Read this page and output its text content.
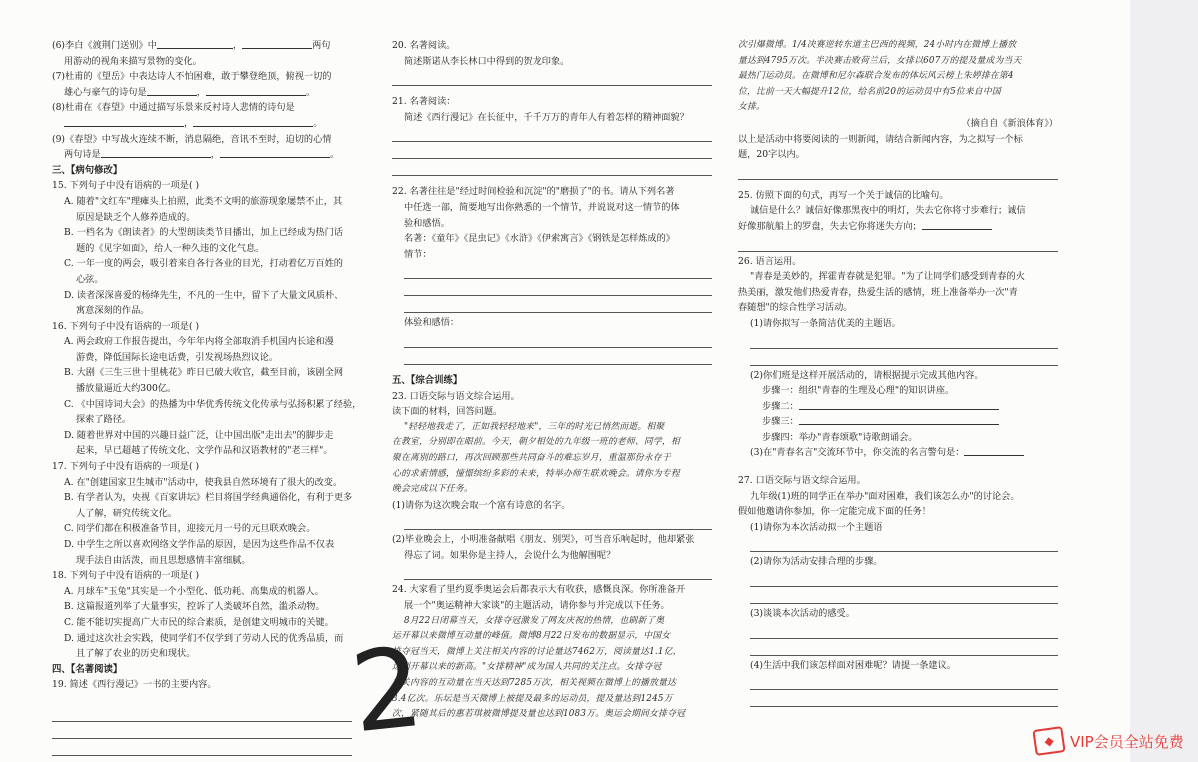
(6)李白《渡荆门送别》中	，	两句

用游动的视角来描写景物的变化。

(7)杜甫的《望岳》中表达诗人不怕困难，敢于攀登绝顶，俯视一切的

雄心与豪气的诗句是	，	。

(8)杜甫在《春望》中通过描写乐景来反衬诗人悲情的诗句是

，	。

(9)《春望》中写战火连续不断，消息隔绝，音讯不至时，迫切的心情

两句诗是	，	。

三、【病句修改】

15. 下列句子中没有语病的一项是( )

A. 随着"文红车"理瘫头上拍照，此类不文明的旅游现象屡禁不止，其

原因是缺乏个人修养造成的。

B. 一档名为《朗读者》的大型朗读类节目播出，加上已经成为热门话

题的《见字如面》，给人一种久违的文化气息。

C. 一年一度的两会，吸引着来自各行各业的目光，打动着亿万百姓的

心弦。

D. 读者深深喜爱的杨绛先生，不凡的一生中，留下了大量文风质朴、

寓意深刻的作品。

16. 下列句子中没有语病的一项是( )

A. 两会政府工作报告提出，今年年内将全部取消手机国内长途和漫

游费，降低国际长途电话费，引发视场热烈议论。

B. 大剧《三生三世十里桃花》昨日已破大收官，截至目前，该剧全网

播放量逼近大约300亿。

C. 《中国诗词大会》的热播为中华优秀传统文化传承与弘扬积累了经验，

探索了路径。

D. 随着世界对中国的兴趣日益广泛，让中国出版"走出去"的脚步走

起来，早已超越了传统文化、文学作品和汉语教材的"老三样"。

17. 下列句子中没有语病的一项是( )

A. 在"创建国家卫生城市"活动中，使我县自然环境有了很大的改变。

B. 有学者认为，央视《百家讲坛》栏目将国学经典通俗化，有利于更多

人了解，研究传统文化。

C. 同学们都在积极准备节目，迎接元月一号的元旦联欢晚会。

D. 中学生之所以喜欢网络文学作品的原因，是因为这些作品不仅表

现手法自由活泼，而且思想感情丰富细腻。

18. 下列句子中没有语病的一项是( )

A. 月球车"玉兔"其实是一个小型化、低功耗、高集成的机器人。

B. 这篇报道列举了大量事实，控诉了人类破坏自然，滥杀动物。

C. 能不能切实提高广大市民的综合素质，是创建文明城市的关键。

D. 通过这次社会实践，使同学们不仅学到了劳动人民的优秀品质，而

且了解了农业的历史和现状。

四、【名著阅读】

19. 简述《西行漫记》一书的主要内容。

20. 名著阅读。

简述斯诺从李长林口中得到的贺龙印象。

21. 名著阅读：

简述《西行漫记》在长征中，千千万万的青年人有着怎样的精神面貌？

22. 名著往往是"经过时间检验和沉淀"的"磨损了"的书。请从下列名著

中任选一部，简要地写出你熟悉的一个情节，并说说对这一情节的体

验和感悟。

名著：《童年》《昆虫记》《水浒》《伊索寓言》《钢铁是怎样炼成的》

情节：

体验和感悟：

五、【综合训练】

23. 口语交际与语文综合运用。

读下面的材料，回答问题。

"轻轻地我走了，正如我轻轻地来"，三年的时光已悄然而逝。相聚

在教室，分别即在眼前。今天，朝夕相处的九年级一班的老师、同学，相

聚在离别的路口，再次回顾那些共同奋斗的难忘岁月，重温那份永存于

心的求索情感，憧憬缤纷多彩的未来，特举办师生联欢晚会。请你为专程

晚会完成以下任务。

(1)请你为这次晚会取一个富有诗意的名字。

(2)毕业晚会上，小明准备献唱《朋友、别哭》，可当音乐响起时，他却紧张

得忘了词。如果你是主持人，会说什么为他解围呢？

24. 大家看了里约夏季奥运会后都表示大有收获，感慨良深。你所准备开

展一个"奥运精神大家谈"的主题活动，请你参与并完成以下任务。

8月22日闭幕当天，女排夺冠激发了网友庆祝的热情，也刷新了奥

运开幕以来微博互动量的峰值。微博8月22日发布的数据显示，中国女

排夺冠当天，微博上关注相关内容的讨论量达7462万，阅读量达1.1亿，

达到开幕以来的新高。"女排精神"成为国人共同的关注点。女排夺冠

相关内容的互动量在当天达到7285万次，相关视频在微博上的播放量达

3.4亿次。乐坛是当天微博上被提及最多的运动员，提及量达到1245万

次，紧随其后的惠若琪被微博提及量也达到1083万。奥运会期间女排夺冠

次引爆微博。1/4决赛逆转东道主巴西的视频，24小时内在微博上播放

量达到4795万次。半决赛击败荷兰后，女排以607万的提及量成为当天

最热门运动员。在微博和尼尔森联合发布的体坛风云榜上朱婷排在第4

位，比前一天大幅提升12位，给名前20的运动员中有5位来自中国

女排。

（摘自自《新浪体育》）

以上是活动中将要阅读的一则新闻，请结合新闻内容，为之拟写一个标

题，20字以内。

25. 仿照下面的句式，再写一个关于诚信的比喻句。

诚信是什么？诚信好像那黑夜中的明灯，失去它你将寸步难行；诚信

好像那航船上的罗盘，失去它你将迷失方向；

26. 语言运用。

"青春是美妙的，挥霍青春就是犯罪。"为了让同学们感受到青春的火

热美丽，激发他们热爱青春，热爱生活的感情，班上准备举办一次"青

春随想"的综合性学习活动。

(1)请你拟写一条简洁优美的主题语。

(2)你们班是这样开展活动的，请根据提示完成其他内容。

步骤一：组织"青春的生理及心理"的知识讲座。

步骤二：

步骤三：

步骤四：举办"青春颂歌"诗歌朗诵会。

(3)在"青春名言"交流环节中，你交流的名言警句是：

27. 口语交际与语文综合运用。

九年级(1)班的同学正在举办"面对困难，我们该怎么办"的讨论会。

假如他邀请你参加，你一定能完成下面的任务！

(1)请你为本次活动拟一个主题语

(2)请你为活动安排合理的步骤。

(3)谈谈本次活动的感受。

(4)生活中我们该怎样面对困难呢？请提一条建议。

2	◆	VIP会员全站免费
